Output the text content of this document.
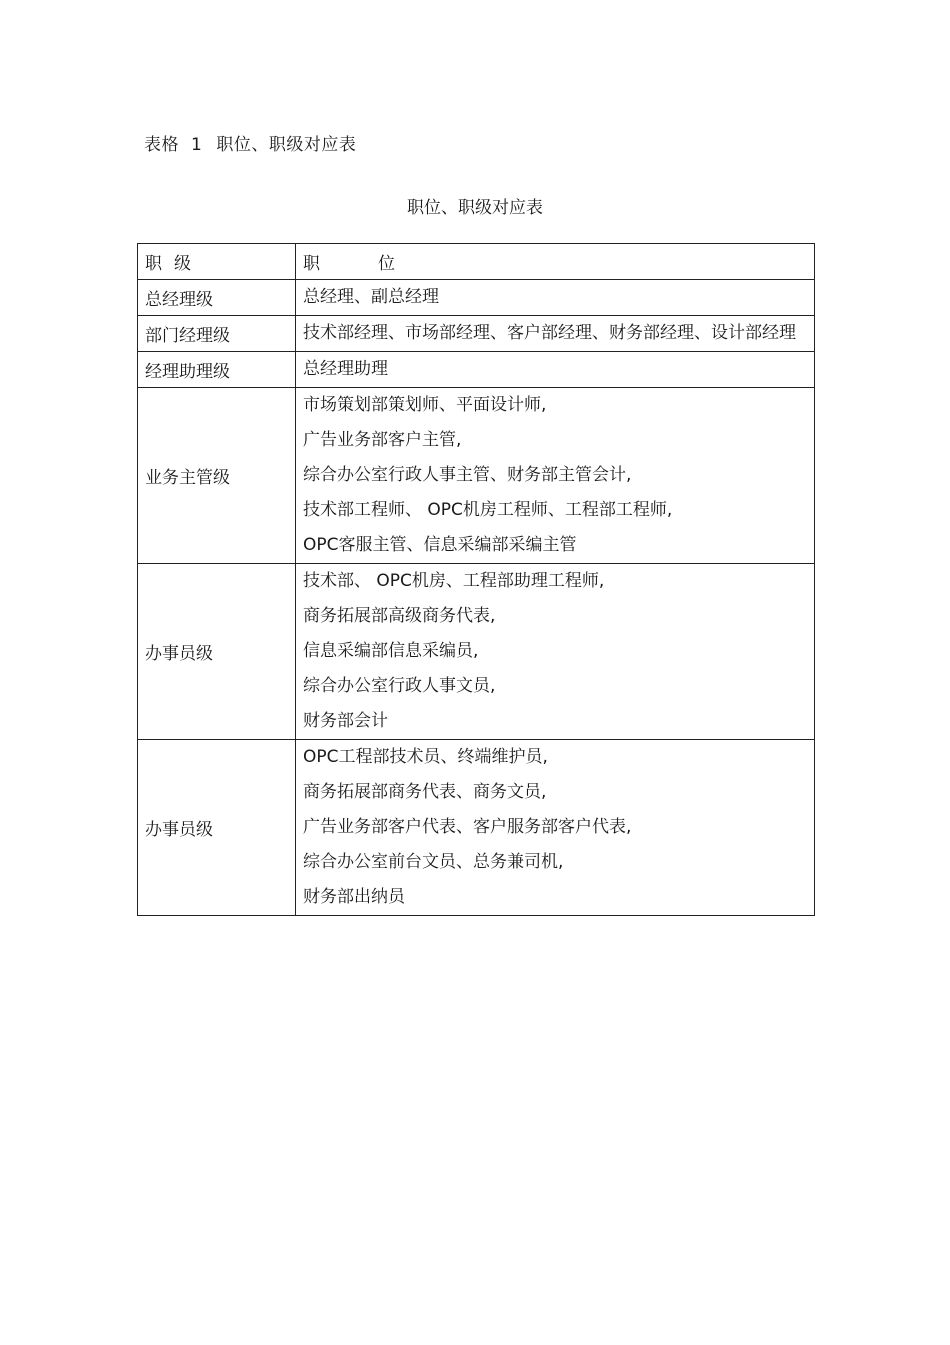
表格 1 职位、职级对应表
职位、职级对应表
职 级	职 位
总经理级	总经理、副总经理

部门经理级	技术部经理、市场部经理、客户部经理、财务部经理、设计部经理

经理助理级	总经理助理

业务主管级	市场策划部策划师、平面设计师,
广告业务部客户主管,
综合办公室行政人事主管、财务部主管会计,
技术部工程师、 OPC机房工程师、工程部工程师,
OPC客服主管、信息采编部采编主管

办事员级	技术部、 OPC机房、工程部助理工程师,
商务拓展部高级商务代表,
信息采编部信息采编员,
综合办公室行政人事文员,
财务部会计

办事员级	OPC工程部技术员、终端维护员,
商务拓展部商务代表、商务文员,
广告业务部客户代表、客户服务部客户代表,
综合办公室前台文员、总务兼司机,
财务部出纳员
